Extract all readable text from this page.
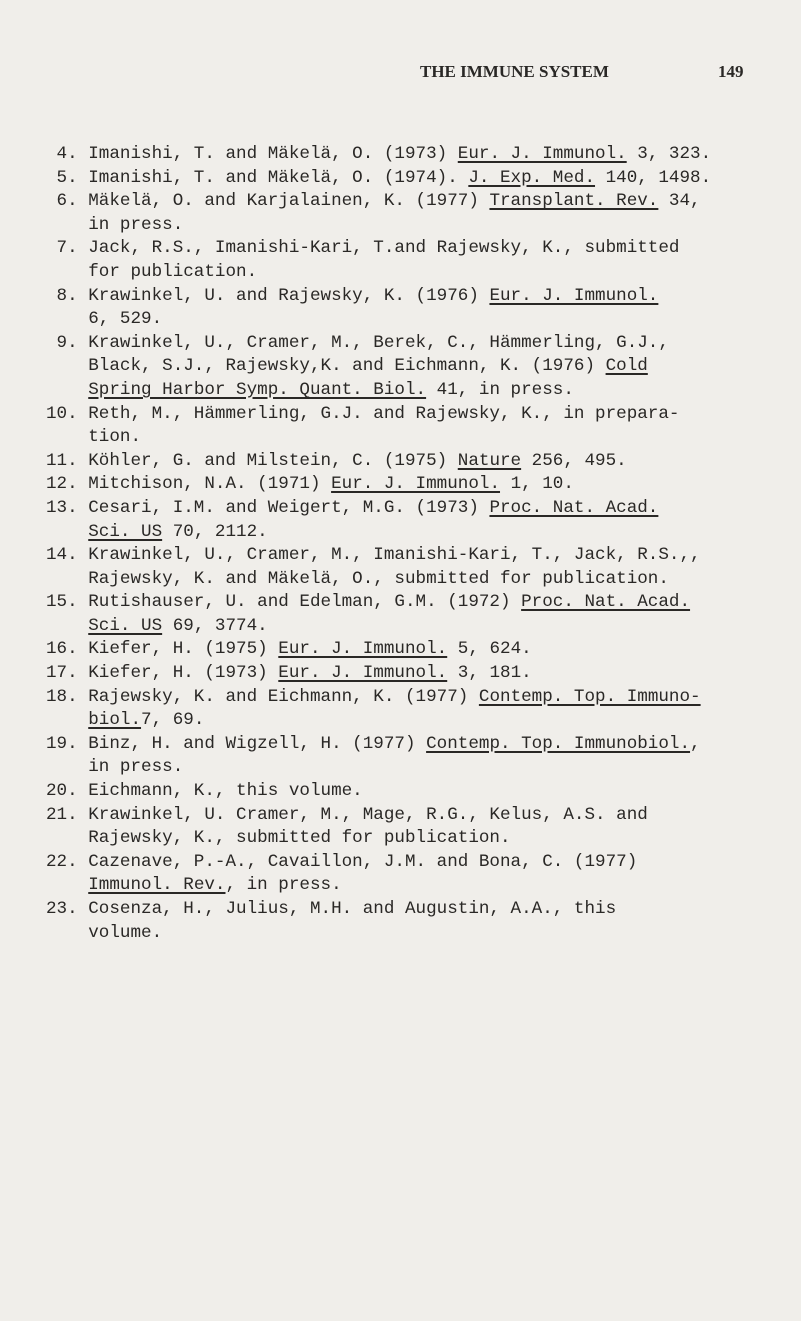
THE IMMUNE SYSTEM	149
4. Imanishi, T. and Mäkelä, O. (1973) Eur. J. Immunol. 3, 323.
5. Imanishi, T. and Mäkelä, O. (1974). J. Exp. Med. 140, 1498.
6. Mäkelä, O. and Karjalainen, K. (1977) Transplant. Rev. 34,
in press.
7. Jack, R.S., Imanishi-Kari, T.and Rajewsky, K., submitted
for publication.
8. Krawinkel, U. and Rajewsky, K. (1976) Eur. J. Immunol.
6, 529.
9. Krawinkel, U., Cramer, M., Berek, C., Hämmerling, G.J.,
Black, S.J., Rajewsky,K. and Eichmann, K. (1976) Cold
Spring Harbor Symp. Quant. Biol. 41, in press.
10. Reth, M., Hämmerling, G.J. and Rajewsky, K., in prepara-
tion.
11. Köhler, G. and Milstein, C. (1975) Nature 256, 495.
12. Mitchison, N.A. (1971) Eur. J. Immunol. 1, 10.
13. Cesari, I.M. and Weigert, M.G. (1973) Proc. Nat. Acad.
Sci. US 70, 2112.
14. Krawinkel, U., Cramer, M., Imanishi-Kari, T., Jack, R.S.,,
Rajewsky, K. and Mäkelä, O., submitted for publication.
15. Rutishauser, U. and Edelman, G.M. (1972) Proc. Nat. Acad.
Sci. US 69, 3774.
16. Kiefer, H. (1975) Eur. J. Immunol. 5, 624.
17. Kiefer, H. (1973) Eur. J. Immunol. 3, 181.
18. Rajewsky, K. and Eichmann, K. (1977) Contemp. Top. Immuno-
biol.7, 69.
19. Binz, H. and Wigzell, H. (1977) Contemp. Top. Immunobiol.,
in press.
20. Eichmann, K., this volume.
21. Krawinkel, U. Cramer, M., Mage, R.G., Kelus, A.S. and
Rajewsky, K., submitted for publication.
22. Cazenave, P.-A., Cavaillon, J.M. and Bona, C. (1977)
Immunol. Rev., in press.
23. Cosenza, H., Julius, M.H. and Augustin, A.A., this
volume.
